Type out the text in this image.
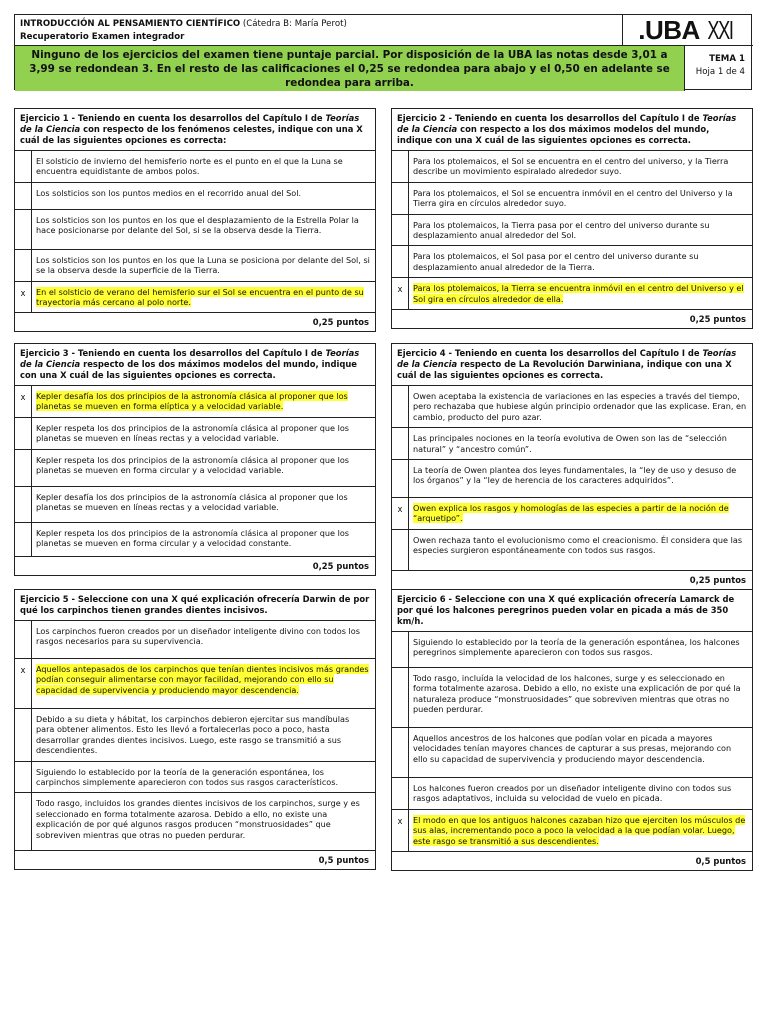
INTRODUCCIÓN AL PENSAMIENTO CIENTÍFICO (Cátedra B: María Perot)
Recuperatorio Examen integrador	.UBA XXI
Ninguno de los ejercicios del examen tiene puntaje parcial. Por disposición de la UBA las notas desde 3,01 a 3,99 se redondean 3. En el resto de las calificaciones el 0,25 se redondea para abajo y el 0,50 en adelante se redondea para arriba.
TEMA 1
Hoja 1 de 4
Ejercicio 1 - Teniendo en cuenta los desarrollos del Capítulo I de Teorías de la Ciencia con respecto de los fenómenos celestes, indique con una X cuál de las siguientes opciones es correcta:
El solsticio de invierno del hemisferio norte es el punto en el que la Luna se encuentra equidistante de ambos polos.
Los solsticios son los puntos medios en el recorrido anual del Sol.
Los solsticios son los puntos en los que el desplazamiento de la Estrella Polar la hace posicionarse por delante del Sol, si se la observa desde la Tierra.
Los solsticios son los puntos en los que la Luna se posiciona por delante del Sol, si se la observa desde la superficie de la Tierra.
x	En el solsticio de verano del hemisferio sur el Sol se encuentra en el punto de su trayectoria más cercano al polo norte.
0,25 puntos
Ejercicio 2 - Teniendo en cuenta los desarrollos del Capítulo I de Teorías de la Ciencia con respecto a los dos máximos modelos del mundo, indique con una X cuál de las siguientes opciones es correcta.
Para los ptolemaicos, el Sol se encuentra en el centro del universo, y la Tierra describe un movimiento espiralado alrededor suyo.
Para los ptolemaicos, el Sol se encuentra inmóvil en el centro del Universo y la Tierra gira en círculos alrededor suyo.
Para los ptolemaicos, la Tierra pasa por el centro del universo durante su desplazamiento anual alrededor del Sol.
Para los ptolemaicos, el Sol pasa por el centro del universo durante su desplazamiento anual alrededor de la Tierra.
x	Para los ptolemaicos, la Tierra se encuentra inmóvil en el centro del Universo y el Sol gira en círculos alrededor de ella.
0,25 puntos
Ejercicio 3 - Teniendo en cuenta los desarrollos del Capítulo I de Teorías de la Ciencia respecto de los dos máximos modelos del mundo, indique con una X cuál de las siguientes opciones es correcta.
x	Kepler desafía los dos principios de la astronomía clásica al proponer que los planetas se mueven en forma elíptica y a velocidad variable.
Kepler respeta los dos principios de la astronomía clásica al proponer que los planetas se mueven en líneas rectas y a velocidad variable.
Kepler respeta los dos principios de la astronomía clásica al proponer que los planetas se mueven en forma circular y a velocidad variable.
Kepler desafía los dos principios de la astronomía clásica al proponer que los planetas se mueven en líneas rectas y a velocidad variable.
Kepler respeta los dos principios de la astronomía clásica al proponer que los planetas se mueven en forma circular y a velocidad constante.
0,25 puntos
Ejercicio 4 - Teniendo en cuenta los desarrollos del Capítulo I de Teorías de la Ciencia respecto de La Revolución Darwiniana, indique con una X cuál de las siguientes opciones es correcta.
Owen aceptaba la existencia de variaciones en las especies a través del tiempo, pero rechazaba que hubiese algún principio ordenador que las explicase. Eran, en cambio, producto del puro azar.
Las principales nociones en la teoría evolutiva de Owen son las de “selección natural” y “ancestro común”.
La teoría de Owen plantea dos leyes fundamentales, la “ley de uso y desuso de los órganos” y la “ley de herencia de los caracteres adquiridos”.
x	Owen explica los rasgos y homologías de las especies a partir de la noción de “arquetipo”.
Owen rechaza tanto el evolucionismo como el creacionismo. Él considera que las especies surgieron espontáneamente con todos sus rasgos.
0,25 puntos
Ejercicio 5 - Seleccione con una X qué explicación ofrecería Darwin de por qué los carpinchos tienen grandes dientes incisivos.
Los carpinchos fueron creados por un diseñador inteligente divino con todos los rasgos necesarios para su supervivencia.
x	Aquellos antepasados de los carpinchos que tenían dientes incisivos más grandes podían conseguir alimentarse con mayor facilidad, mejorando con ello su capacidad de supervivencia y produciendo mayor descendencia.
Debido a su dieta y hábitat, los carpinchos debieron ejercitar sus mandíbulas para obtener alimentos. Esto les llevó a fortalecerlas poco a poco, hasta desarrollar grandes dientes incisivos. Luego, este rasgo se transmitió a sus descendientes.
Siguiendo lo establecido por la teoría de la generación espontánea, los carpinchos simplemente aparecieron con todos sus rasgos característicos.
Todo rasgo, incluidos los grandes dientes incisivos de los carpinchos, surge y es seleccionado en forma totalmente azarosa. Debido a ello, no existe una explicación de por qué algunos rasgos producen “monstruosidades” que sobreviven mientras que otras no pueden perdurar.
0,5 puntos
Ejercicio 6 - Seleccione con una X qué explicación ofrecería Lamarck de por qué los halcones peregrinos pueden volar en picada a más de 350 km/h.
Siguiendo lo establecido por la teoría de la generación espontánea, los halcones peregrinos simplemente aparecieron con todos sus rasgos.
Todo rasgo, incluída la velocidad de los halcones, surge y es seleccionado en forma totalmente azarosa. Debido a ello, no existe una explicación de por qué la naturaleza produce “monstruosidades” que sobreviven mientras que otras no pueden perdurar.
Aquellos ancestros de los halcones que podían volar en picada a mayores velocidades tenían mayores chances de capturar a sus presas, mejorando con ello su capacidad de supervivencia y produciendo mayor descendencia.
Los halcones fueron creados por un diseñador inteligente divino con todos sus rasgos adaptativos, incluida su velocidad de vuelo en picada.
x	El modo en que los antiguos halcones cazaban hizo que ejerciten los músculos de sus alas, incrementando poco a poco la velocidad a la que podían volar. Luego, este rasgo se transmitió a sus descendientes.
0,5 puntos
